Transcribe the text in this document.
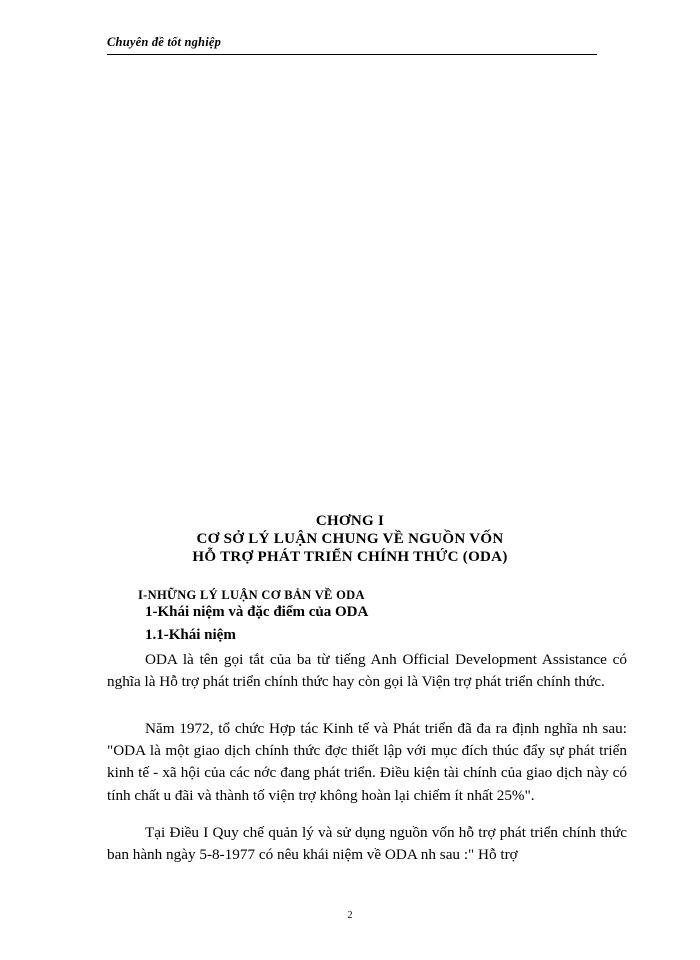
Chuyên đề tốt nghiệp
CHƠNG I
CƠ SỞ LÝ LUẬN CHUNG VỀ NGUỒN VỐN
HỖ TRỢ PHÁT TRIỂN CHÍNH THỨC (ODA)
I-NHỮNG LÝ LUẬN CƠ BẢN VỀ ODA
1-Khái niệm và đặc điểm của ODA
1.1-Khái niệm

ODA là tên gọi tắt của ba từ tiếng Anh Official Development Assistance có nghĩa là Hỗ trợ phát triển chính thức hay còn gọi là Viện trợ phát triển chính thức.

Năm 1972, tổ chức Hợp tác Kinh tế và Phát triển đã đa ra định nghĩa nh sau: "ODA là một giao dịch chính thức đợc thiết lập với mục đích thúc đẩy sự phát triển kinh tế - xã hội của các nớc đang phát triển. Điều kiện tài chính của giao dịch này có tính chất u đãi và thành tố viện trợ không hoàn lại chiếm ít nhất 25%".

Tại Điều I Quy chế quản lý và sử dụng nguồn vốn hỗ trợ phát triển chính thức ban hành ngày 5-8-1977 có nêu khái niệm về ODA nh sau :" Hỗ trợ

2
